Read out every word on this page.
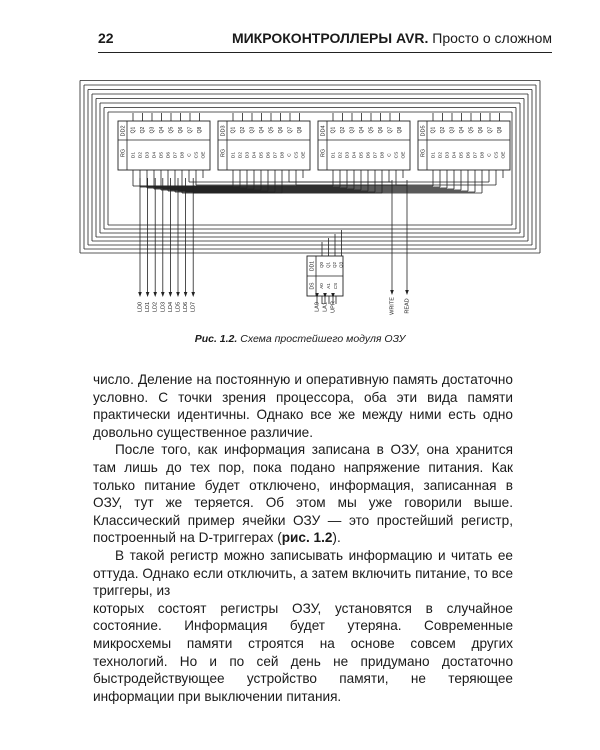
22	МИКРОКОНТРОЛЛЕРЫ AVR. Просто о сложном
DD2
RG
Q1 Q2 Q3 Q4 Q5 Q6 Q7 Q8
D1 D2 D3 D4 D5 D6 D7 D8 C CS OE
DD3
RG
Q1 Q2 Q3 Q4 Q5 Q6 Q7 Q8
D1 D2 D3 D4 D5 D6 D7 D8 C CS OE
DD4
RG
Q1 Q2 Q3 Q4 Q5 Q6 Q7 Q8
D1 D2 D3 D4 D5 D6 D7 D8 C CS OE
DD5
RG
Q1 Q2 Q3 Q4 Q5 Q6 Q7 Q8
D1 D2 D3 D4 D5 D6 D7 D8 C CS OE
LD0 LD1 LD2 LD3 LD4 LD5 LD6 LD7
DD1
DS
Q0 Q1 Q2 Q3
A0 A1 CS
LA0 LA1 UPR	WRITE READ
Рис. 1.2. Схема простейшего модуля ОЗУ

число. Деление на постоянную и оперативную память достаточно условно. С точки зрения процессора, оба эти вида памяти практически идентичны. Однако все же между ними есть одно довольно существенное различие.

После того, как информация записана в ОЗУ, она хранится там лишь до тех пор, пока подано напряжение питания. Как только питание будет отключено, информация, записанная в ОЗУ, тут же теряется. Об этом мы уже говорили выше. Классический пример ячейки ОЗУ — это простейший регистр, построенный на D-триггерах (рис. 1.2).

В такой регистр можно записывать информацию и читать ее оттуда. Однако если отключить, а затем включить питание, то все триггеры, из

которых состоят регистры ОЗУ, установятся в случайное состояние. Информация будет утеряна. Современные микросхемы памяти строятся на основе совсем других технологий. Но и по сей день не придумано достаточно быстродействующее устройство памяти, не теряющее информации при выключении питания.
